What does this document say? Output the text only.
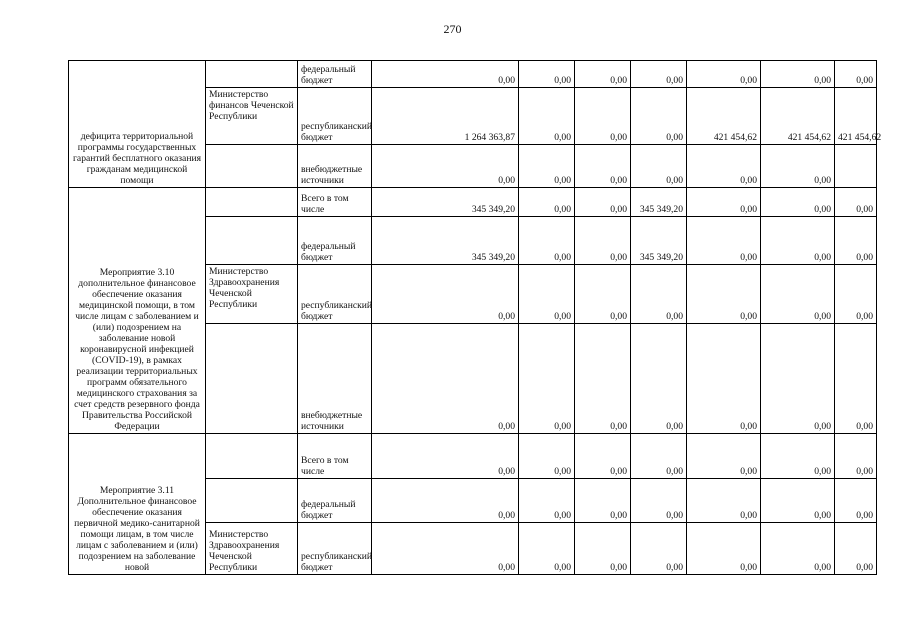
270
дефицита территориальной программы государственных гарантий бесплатного оказания гражданам медицинской помощи		федеральный бюджет	0,00	0,00	0,00	0,00	0,00	0,00	0,00
	Министерство финансов Чеченской Республики	республиканский бюджет	1 264 363,87	0,00	0,00	0,00	421 454,62	421 454,62	421 454,62
		внебюджетные источники	0,00	0,00	0,00	0,00	0,00	0,00	
Мероприятие 3.10 дополнительное финансовое обеспечение оказания медицинской помощи, в том числе лицам с заболеванием и (или) подозрением на заболевание новой коронавирусной инфекцией (COVID-19), в рамках реализации территориальных программ обязательного медицинского страхования за счет средств резервного фонда Правительства Российской Федерации		Всего в том числе	345 349,20	0,00	0,00	345 349,20	0,00	0,00	0,00
		федеральный бюджет	345 349,20	0,00	0,00	345 349,20	0,00	0,00	0,00
	Министерство Здравоохранения Чеченской Республики	республиканский бюджет	0,00	0,00	0,00	0,00	0,00	0,00	0,00
		внебюджетные источники	0,00	0,00	0,00	0,00	0,00	0,00	0,00
Мероприятие 3.11 Дополнительное финансовое обеспечение оказания первичной медико-санитарной помощи лицам, в том числе лицам с заболеванием и (или) подозрением на заболевание новой		Всего в том числе	0,00	0,00	0,00	0,00	0,00	0,00	0,00
		федеральный бюджет	0,00	0,00	0,00	0,00	0,00	0,00	0,00
	Министерство Здравоохранения Чеченской Республики	республиканский бюджет	0,00	0,00	0,00	0,00	0,00	0,00	0,00
